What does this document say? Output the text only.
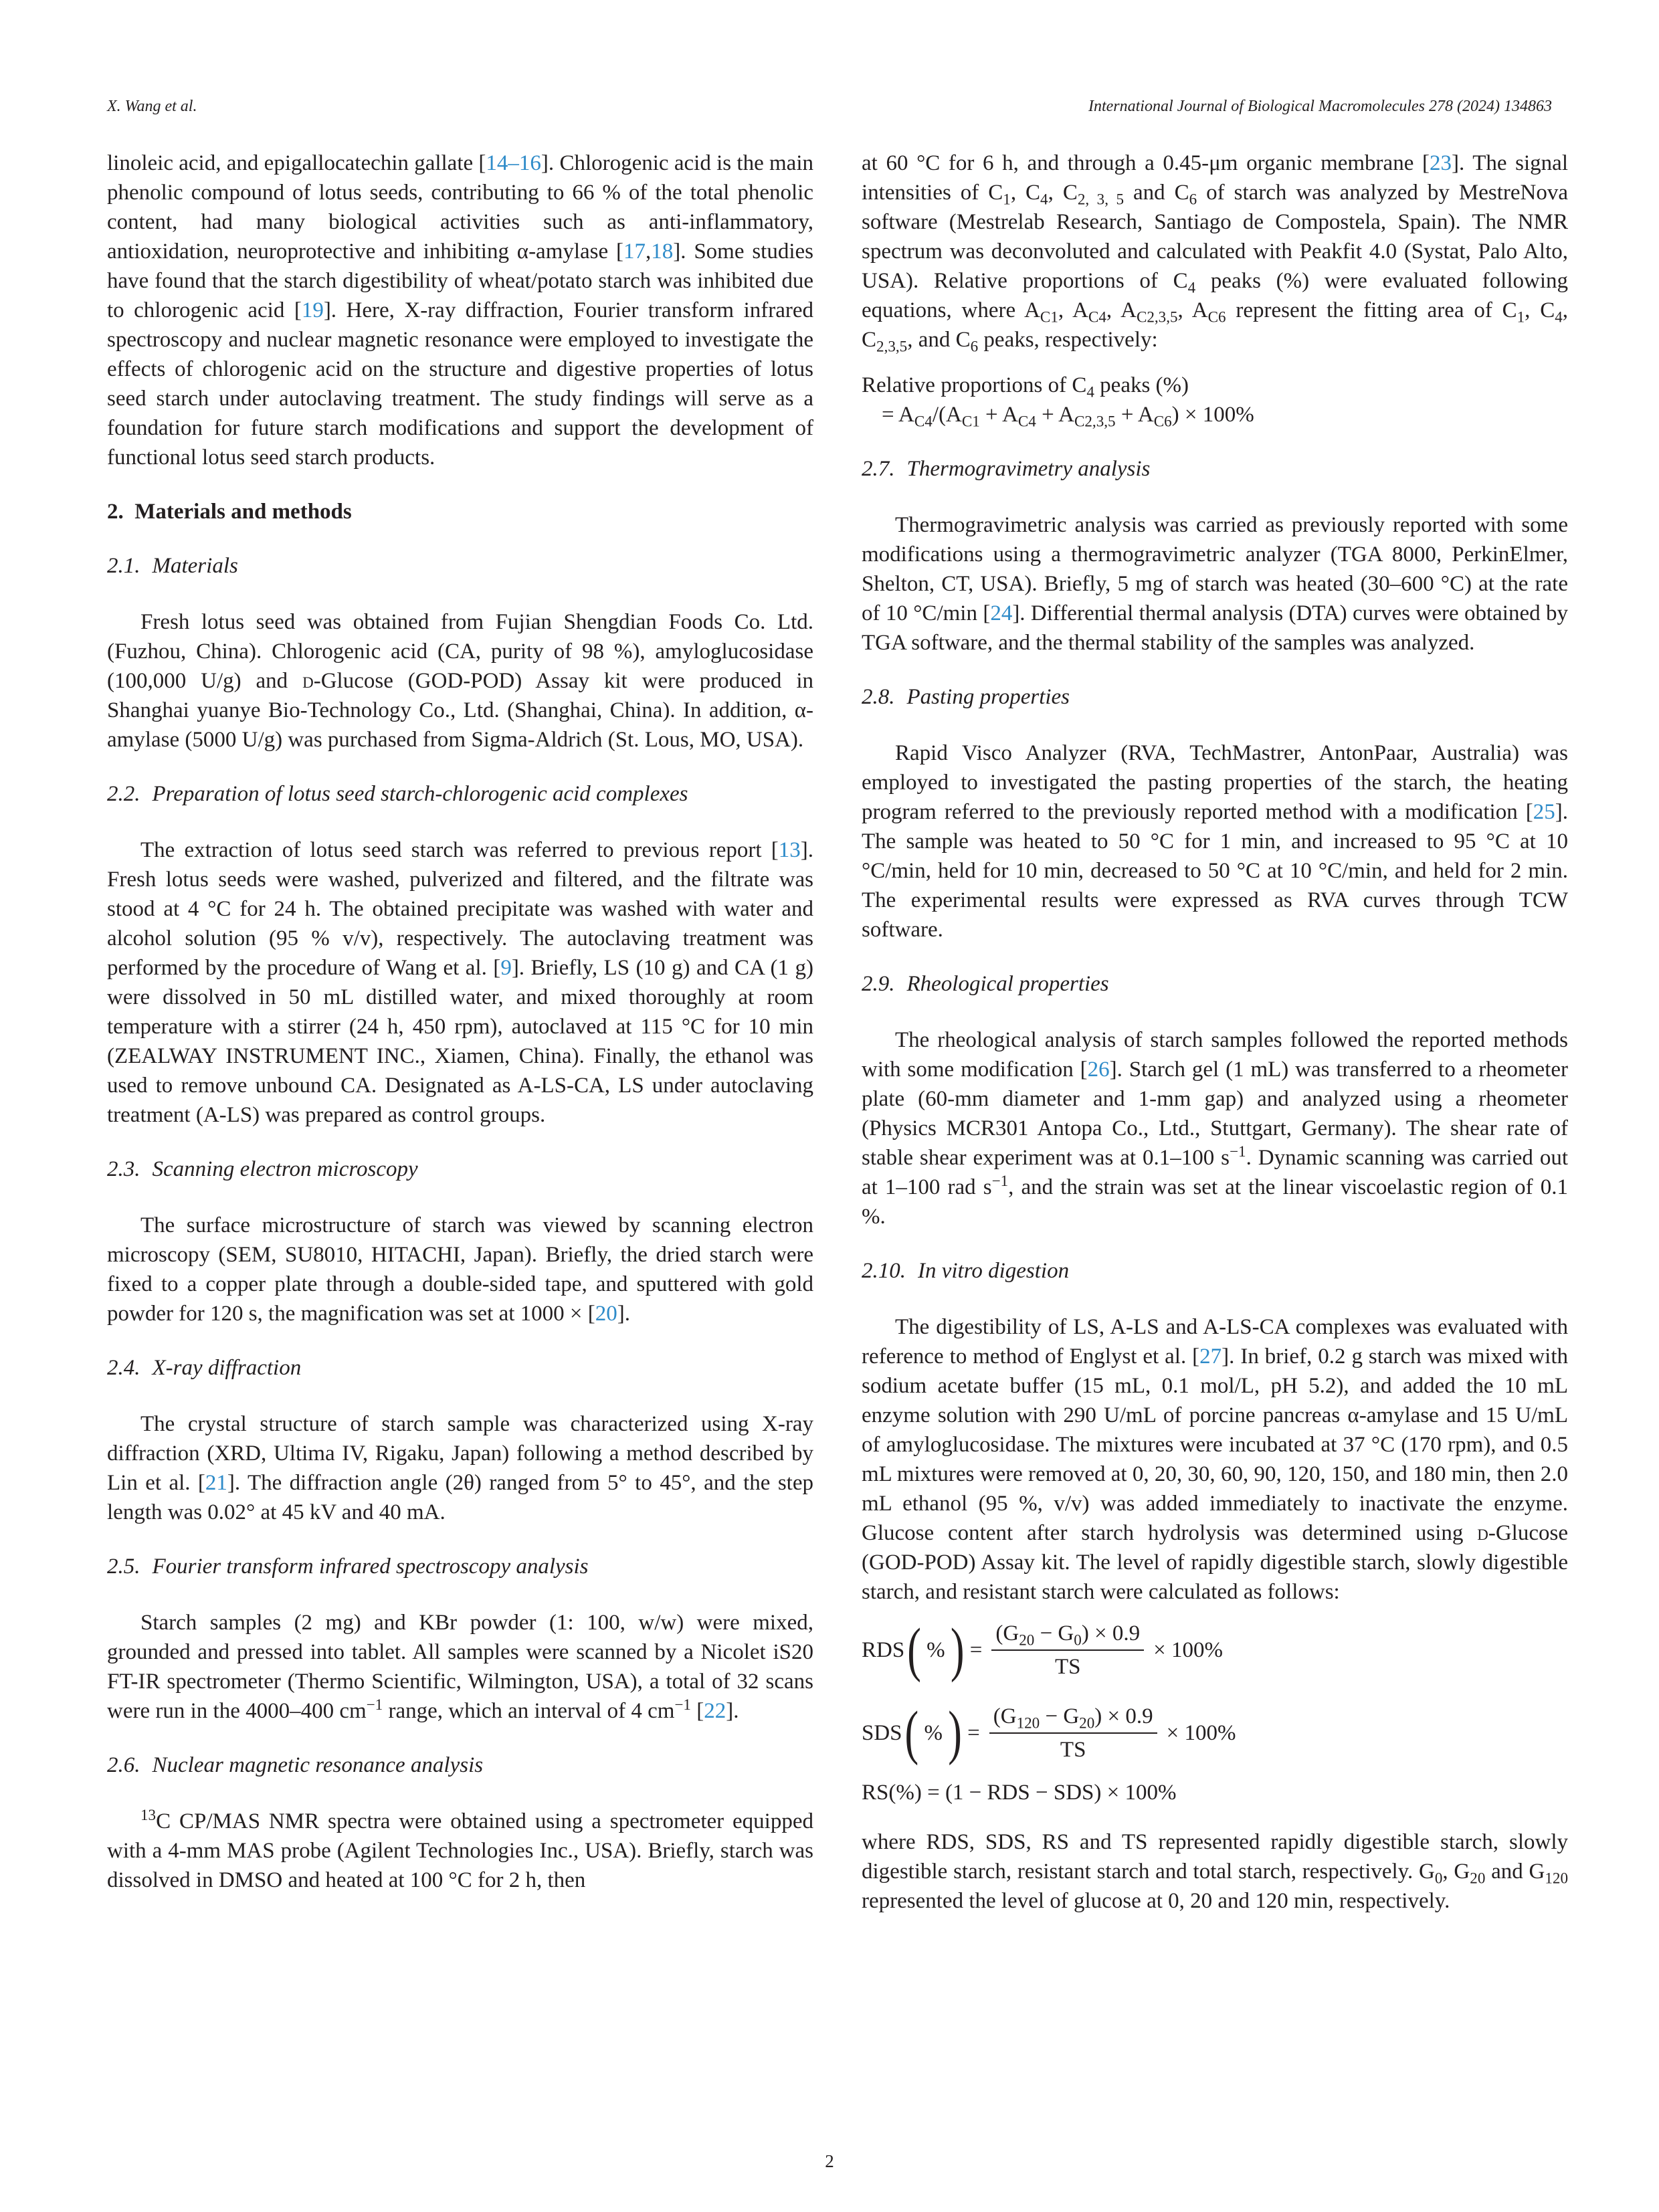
X. Wang et al.	International Journal of Biological Macromolecules 278 (2024) 134863

linoleic acid, and epigallocatechin gallate [14–16]. Chlorogenic acid is the main phenolic compound of lotus seeds, contributing to 66 % of the total phenolic content, had many biological activities such as anti-inflammatory, antioxidation, neuroprotective and inhibiting α-amylase [17,18]. Some studies have found that the starch digestibility of wheat/potato starch was inhibited due to chlorogenic acid [19]. Here, X-ray diffraction, Fourier transform infrared spectroscopy and nuclear magnetic resonance were employed to investigate the effects of chlorogenic acid on the structure and digestive properties of lotus seed starch under autoclaving treatment. The study findings will serve as a foundation for future starch modifications and support the development of functional lotus seed starch products.

2. Materials and methods
2.1. Materials

Fresh lotus seed was obtained from Fujian Shengdian Foods Co. Ltd. (Fuzhou, China). Chlorogenic acid (CA, purity of 98 %), amyloglucosidase (100,000 U/g) and d-Glucose (GOD-POD) Assay kit were produced in Shanghai yuanye Bio-Technology Co., Ltd. (Shanghai, China). In addition, α-amylase (5000 U/g) was purchased from Sigma-Aldrich (St. Lous, MO, USA).

2.2. Preparation of lotus seed starch-chlorogenic acid complexes

The extraction of lotus seed starch was referred to previous report [13]. Fresh lotus seeds were washed, pulverized and filtered, and the filtrate was stood at 4 °C for 24 h. The obtained precipitate was washed with water and alcohol solution (95 % v/v), respectively. The autoclaving treatment was performed by the procedure of Wang et al. [9]. Briefly, LS (10 g) and CA (1 g) were dissolved in 50 mL distilled water, and mixed thoroughly at room temperature with a stirrer (24 h, 450 rpm), autoclaved at 115 °C for 10 min (ZEALWAY INSTRUMENT INC., Xiamen, China). Finally, the ethanol was used to remove unbound CA. Designated as A-LS-CA, LS under autoclaving treatment (A-LS) was prepared as control groups.

2.3. Scanning electron microscopy

The surface microstructure of starch was viewed by scanning electron microscopy (SEM, SU8010, HITACHI, Japan). Briefly, the dried starch were fixed to a copper plate through a double-sided tape, and sputtered with gold powder for 120 s, the magnification was set at 1000 × [20].

2.4. X-ray diffraction

The crystal structure of starch sample was characterized using X-ray diffraction (XRD, Ultima IV, Rigaku, Japan) following a method described by Lin et al. [21]. The diffraction angle (2θ) ranged from 5° to 45°, and the step length was 0.02° at 45 kV and 40 mA.

2.5. Fourier transform infrared spectroscopy analysis

Starch samples (2 mg) and KBr powder (1: 100, w/w) were mixed, grounded and pressed into tablet. All samples were scanned by a Nicolet iS20 FT-IR spectrometer (Thermo Scientific, Wilmington, USA), a total of 32 scans were run in the 4000–400 $cm^{-1}$ range, which an interval of 4 $cm^{-1}$ [22].

2.6. Nuclear magnetic resonance analysis

$^{13}$C CP/MAS NMR spectra were obtained using a spectrometer equipped with a 4-mm MAS probe (Agilent Technologies Inc., USA). Briefly, starch was dissolved in DMSO and heated at 100 °C for 2 h, then

at 60 °C for 6 h, and through a 0.45-μm organic membrane [23]. The signal intensities of $C_1$, $C_4$, $C_{2, 3, 5}$ and $C_6$ of starch was analyzed by MestreNova software (Mestrelab Research, Santiago de Compostela, Spain). The NMR spectrum was deconvoluted and calculated with Peakfit 4.0 (Systat, Palo Alto, USA). Relative proportions of $C_4$ peaks (%) were evaluated following equations, where $A_{C1}$, $A_{C4}$, $A_{C2,3,5}$, $A_{C6}$ represent the fitting area of $C_1$, $C_4$, $C_{2,3,5}$, and $C_6$ peaks, respectively:

Relative proportions of $C_4$ peaks (%)
= $A_{C4}/(A_{C1} + A_{C4} + A_{C2,3,5} + A_{C6}) \times 100\%$
2.7. Thermogravimetry analysis

Thermogravimetric analysis was carried as previously reported with some modifications using a thermogravimetric analyzer (TGA 8000, PerkinElmer, Shelton, CT, USA). Briefly, 5 mg of starch was heated (30–600 °C) at the rate of 10 °C/min [24]. Differential thermal analysis (DTA) curves were obtained by TGA software, and the thermal stability of the samples was analyzed.

2.8. Pasting properties

Rapid Visco Analyzer (RVA, TechMastrer, AntonPaar, Australia) was employed to investigated the pasting properties of the starch, the heating program referred to the previously reported method with a modification [25]. The sample was heated to 50 °C for 1 min, and increased to 95 °C at 10 °C/min, held for 10 min, decreased to 50 °C at 10 °C/min, and held for 2 min. The experimental results were expressed as RVA curves through TCW software.

2.9. Rheological properties

The rheological analysis of starch samples followed the reported methods with some modification [26]. Starch gel (1 mL) was transferred to a rheometer plate (60-mm diameter and 1-mm gap) and analyzed using a rheometer (Physics MCR301 Antopa Co., Ltd., Stuttgart, Germany). The shear rate of stable shear experiment was at 0.1–100 $s^{-1}$. Dynamic scanning was carried out at 1–100 rad $s^{-1}$, and the strain was set at the linear viscoelastic region of 0.1 %.

2.10. In vitro digestion

The digestibility of LS, A-LS and A-LS-CA complexes was evaluated with reference to method of Englyst et al. [27]. In brief, 0.2 g starch was mixed with sodium acetate buffer (15 mL, 0.1 mol/L, pH 5.2), and added the 10 mL enzyme solution with 290 U/mL of porcine pancreas α-amylase and 15 U/mL of amyloglucosidase. The mixtures were incubated at 37 °C (170 rpm), and 0.5 mL mixtures were removed at 0, 20, 30, 60, 90, 120, 150, and 180 min, then 2.0 mL ethanol (95 %, v/v) was added immediately to inactivate the enzyme. Glucose content after starch hydrolysis was determined using d-Glucose (GOD-POD) Assay kit. The level of rapidly digestible starch, slowly digestible starch, and resistant starch were calculated as follows:

RDS (
%
)
= $\frac{(G_{20} - G_0) \times 0.9}{TS} \times 100\%$
SDS (
%
)
= $\frac{(G_{120} - G_{20}) \times 0.9}{TS} \times 100\%$
RS(%) = (1 − RDS − SDS) × 100%

where RDS, SDS, RS and TS represented rapidly digestible starch, slowly digestible starch, resistant starch and total starch, respectively. $G_0$, $G_{20}$ and $G_{120}$ represented the level of glucose at 0, 20 and 120 min, respectively.

2
